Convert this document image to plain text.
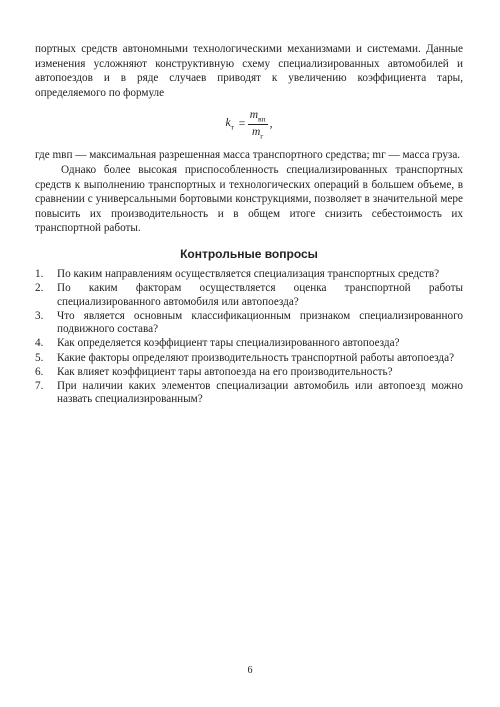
портных средств автономными технологическими механизмами и системами. Данные изменения усложняют конструктивную схему специализированных автомобилей и автопоездов и в ряде случаев приводят к увеличению коэффициента тары, определяемого по формуле

$k_т = \frac{m_{вп}}{m_г}$ ,

где mвп — максимальная разрешенная масса транспортного средства; mг — масса груза.

Однако более высокая приспособленность специализированных транспортных средств к выполнению транспортных и технологических операций в большем объеме, в сравнении с универсальными бортовыми конструкциями, позволяет в значительной мере повысить их производительность и в общем итоге снизить себестоимость их транспортной работы.

Контрольные вопросы
1. По каким направлениям осуществляется специализация транспортных средств?
2. По каким факторам осуществляется оценка транспортной работы специализированного автомобиля или автопоезда?
3. Что является основным классификационным признаком специализированного подвижного состава?
4. Как определяется коэффициент тары специализированного автопоезда?
5. Какие факторы определяют производительность транспортной работы автопоезда?
6. Как влияет коэффициент тары автопоезда на его производительность?
7. При наличии каких элементов специализации автомобиль или автопоезд можно назвать специализированным?
6
